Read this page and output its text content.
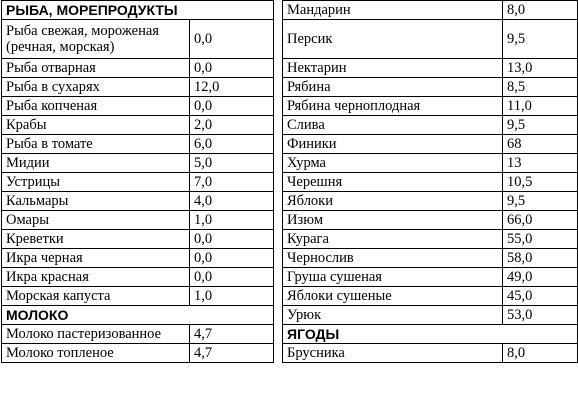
РЫБА, МОРЕПРОДУКТЫ			Мандарин	8,0
Рыба свежая, мороженая (речная, морская)	0,0		Персик	9,5
Рыба отварная	0,0		Нектарин	13,0
Рыба в сухарях	12,0		Рябина	8,5
Рыба копченая	0,0		Рябина черноплодная	11,0
Крабы	2,0		Слива	9,5
Рыба в томате	6,0		Финики	68
Мидии	5,0		Хурма	13
Устрицы	7,0		Черешня	10,5
Кальмары	4,0		Яблоки	9,5
Омары	1,0		Изюм	66,0
Креветки	0,0		Курага	55,0
Икра черная	0,0		Чернослив	58,0
Икра красная	0,0		Груша сушеная	49,0
Морская капуста	1,0		Яблоки сушеные	45,0
МОЛОКО			Урюк	53,0
Молоко пастеризованное	4,7		ЯГОДЫ	
Молоко топленое	4,7		Брусника	8,0
